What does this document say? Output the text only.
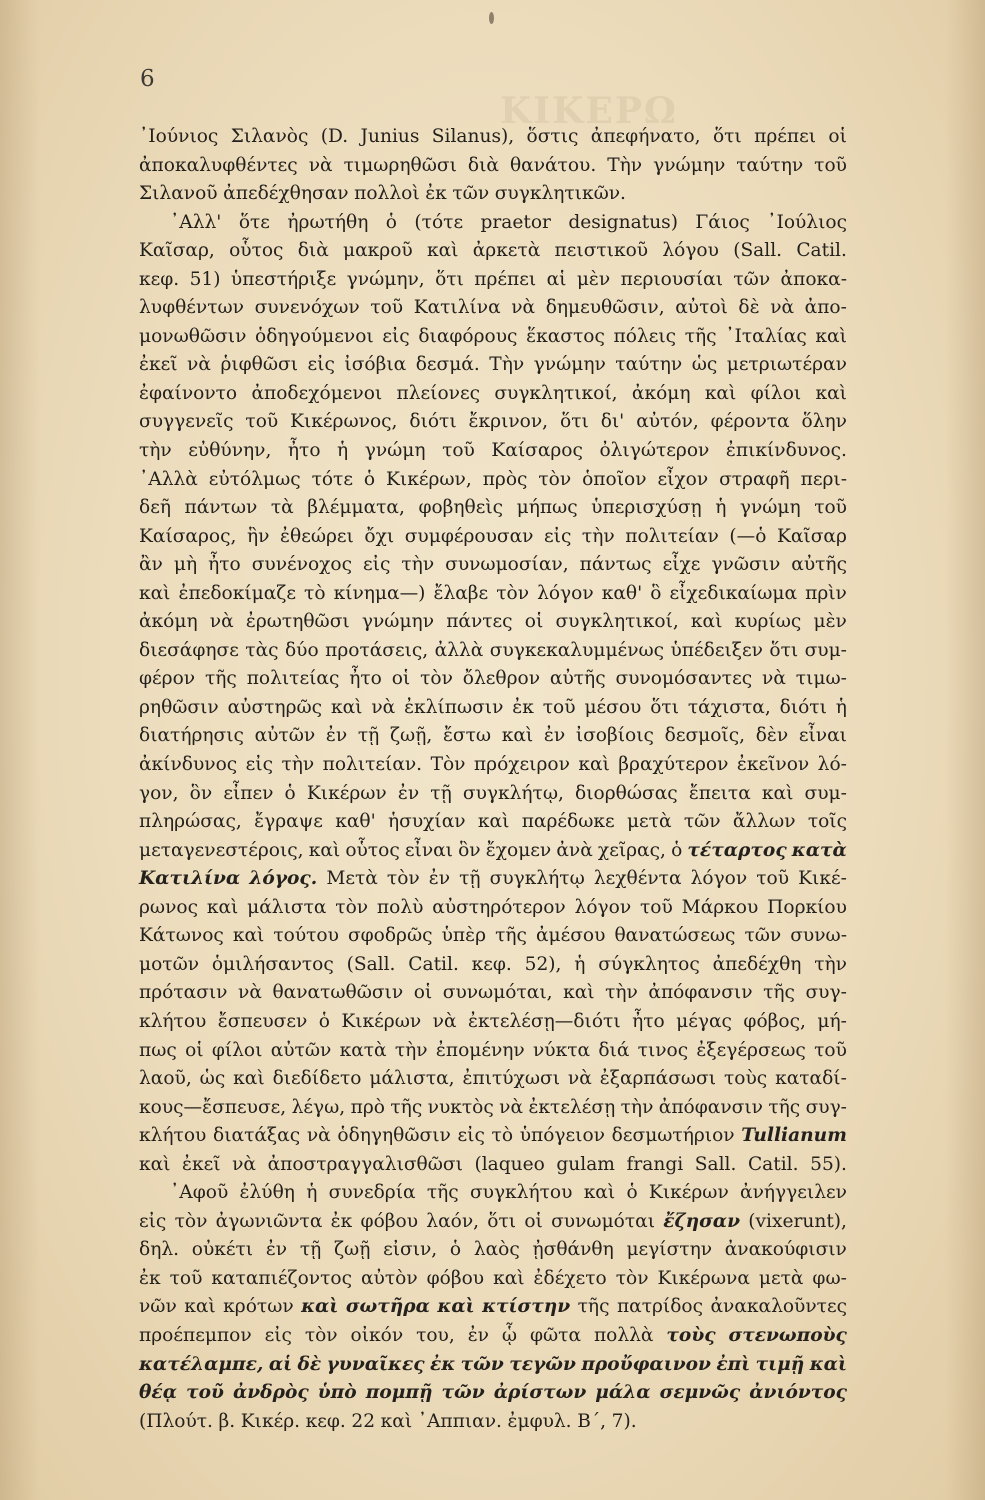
ΚΙΚΕΡΩ
6
᾿Ιούνιος Σιλανὸς (D. Junius Silanus), ὅστις ἀπεφήνατο, ὅτι πρέπει οἱ
ἀποκαλυφθέντες νὰ τιμωρηθῶσι διὰ θανάτου. Τὴν γνώμην ταύτην τοῦ
Σιλανοῦ ἀπεδέχθησαν πολλοὶ ἐκ τῶν συγκλητικῶν.
᾿Αλλ' ὅτε ἠρωτήθη ὁ (τότε praetor designatus) Γάιος ᾿Ιούλιος
Καῖσαρ, οὗτος διὰ μακροῦ καὶ ἀρκετὰ πειστικοῦ λόγου (Sall. Catil.
κεφ. 51) ὑπεστήριξε γνώμην, ὅτι πρέπει αἱ μὲν περιουσίαι τῶν ἀποκα-
λυφθέντων συνενόχων τοῦ Κατιλίνα νὰ δημευθῶσιν, αὐτοὶ δὲ νὰ ἀπο-
μονωθῶσιν ὁδηγούμενοι εἰς διαφόρους ἕκαστος πόλεις τῆς ᾿Ιταλίας καὶ
ἐκεῖ νὰ ῥιφθῶσι εἰς ἰσόβια δεσμά. Τὴν γνώμην ταύτην ὡς μετριωτέραν
ἐφαίνοντο ἀποδεχόμενοι πλείονες συγκλητικοί, ἀκόμη καὶ φίλοι καὶ
συγγενεῖς τοῦ Κικέρωνος, διότι ἔκρινον, ὅτι δι' αὐτόν, φέροντα ὅλην
τὴν εὐθύνην, ἦτο ἡ γνώμη τοῦ Καίσαρος ὀλιγώτερον ἐπικίνδυνος.
᾿Αλλὰ εὐτόλμως τότε ὁ Κικέρων, πρὸς τὸν ὁποῖον εἶχον στραφῆ περι-
δεῆ πάντων τὰ βλέμματα, φοβηθεὶς μήπως ὑπερισχύσῃ ἡ γνώμη τοῦ
Καίσαρος, ἣν ἐθεώρει ὄχι συμφέρουσαν εἰς τὴν πολιτείαν (—ὁ Καῖσαρ
ἂν μὴ ἦτο συνένοχος εἰς τὴν συνωμοσίαν, πάντως εἶχε γνῶσιν αὐτῆς
καὶ ἐπεδοκίμαζε τὸ κίνημα—) ἔλαβε τὸν λόγον καθ' ὃ εἶχεδικαίωμα πρὶν
ἀκόμη νὰ ἐρωτηθῶσι γνώμην πάντες οἱ συγκλητικοί, καὶ κυρίως μὲν
διεσάφησε τὰς δύο προτάσεις, ἀλλὰ συγκεκαλυμμένως ὑπέδειξεν ὅτι συμ-
φέρον τῆς πολιτείας ἦτο οἱ τὸν ὄλεθρον αὐτῆς συνομόσαντες νὰ τιμω-
ρηθῶσιν αὐστηρῶς καὶ νὰ ἐκλίπωσιν ἐκ τοῦ μέσου ὅτι τάχιστα, διότι ἡ
διατήρησις αὐτῶν ἐν τῇ ζωῇ, ἔστω καὶ ἐν ἰσοβίοις δεσμοῖς, δὲν εἶναι
ἀκίνδυνος εἰς τὴν πολιτείαν. Τὸν πρόχειρον καὶ βραχύτερον ἐκεῖνον λό-
γον, ὃν εἶπεν ὁ Κικέρων ἐν τῇ συγκλήτῳ, διορθώσας ἔπειτα καὶ συμ-
πληρώσας, ἔγραψε καθ' ἡσυχίαν καὶ παρέδωκε μετὰ τῶν ἄλλων τοῖς
μεταγενεστέροις, καὶ οὗτος εἶναι ὃν ἔχομεν ἀνὰ χεῖρας, ὁ τέταρτος κατὰ
Κατιλίνα λόγος. Μετὰ τὸν ἐν τῇ συγκλήτῳ λεχθέντα λόγον τοῦ Κικέ-
ρωνος καὶ μάλιστα τὸν πολὺ αὐστηρότερον λόγον τοῦ Μάρκου Πορκίου
Κάτωνος καὶ τούτου σφοδρῶς ὑπὲρ τῆς ἀμέσου θανατώσεως τῶν συνω-
μοτῶν ὁμιλήσαντος (Sall. Catil. κεφ. 52), ἡ σύγκλητος ἀπεδέχθη τὴν
πρότασιν νὰ θανατωθῶσιν οἱ συνωμόται, καὶ τὴν ἀπόφανσιν τῆς συγ-
κλήτου ἔσπευσεν ὁ Κικέρων νὰ ἐκτελέσῃ—διότι ἦτο μέγας φόβος, μή-
πως οἱ φίλοι αὐτῶν κατὰ τὴν ἐπομένην νύκτα διά τινος ἐξεγέρσεως τοῦ
λαοῦ, ὡς καὶ διεδίδετο μάλιστα, ἐπιτύχωσι νὰ ἐξαρπάσωσι τοὺς καταδί-
κους—ἔσπευσε, λέγω, πρὸ τῆς νυκτὸς νὰ ἐκτελέσῃ τὴν ἀπόφανσιν τῆς συγ-
κλήτου διατάξας νὰ ὁδηγηθῶσιν εἰς τὸ ὑπόγειον δεσμωτήριον Tullianum
καὶ ἐκεῖ νὰ ἀποστραγγαλισθῶσι (laqueo gulam frangi Sall. Catil. 55).
᾿Αφοῦ ἐλύθη ἡ συνεδρία τῆς συγκλήτου καὶ ὁ Κικέρων ἀνήγγειλεν
εἰς τὸν ἀγωνιῶντα ἐκ φόβου λαόν, ὅτι οἱ συνωμόται ἔζησαν (vixerunt),
δηλ. οὐκέτι ἐν τῇ ζωῇ εἰσιν, ὁ λαὸς ᾐσθάνθη μεγίστην ἀνακούφισιν
ἐκ τοῦ καταπιέζοντος αὐτὸν φόβου καὶ ἐδέχετο τὸν Κικέρωνα μετὰ φω-
νῶν καὶ κρότων καὶ σωτῆρα καὶ κτίστην τῆς πατρίδος ἀνακαλοῦντες
προέπεμπον εἰς τὸν οἰκόν του, ἐν ᾧ φῶτα πολλὰ τοὺς στενωποὺς
κατέλαμπε, αἱ δὲ γυναῖκες ἐκ τῶν τεγῶν προὔφαινον ἐπὶ τιμῇ καὶ
θέᾳ τοῦ ἀνδρὸς ὑπὸ πομπῇ τῶν ἀρίστων μάλα σεμνῶς ἀνιόντος
(Πλούτ. β. Κικέρ. κεφ. 22 καὶ ᾿Αππιαν. ἐμφυλ. Β΄, 7).
